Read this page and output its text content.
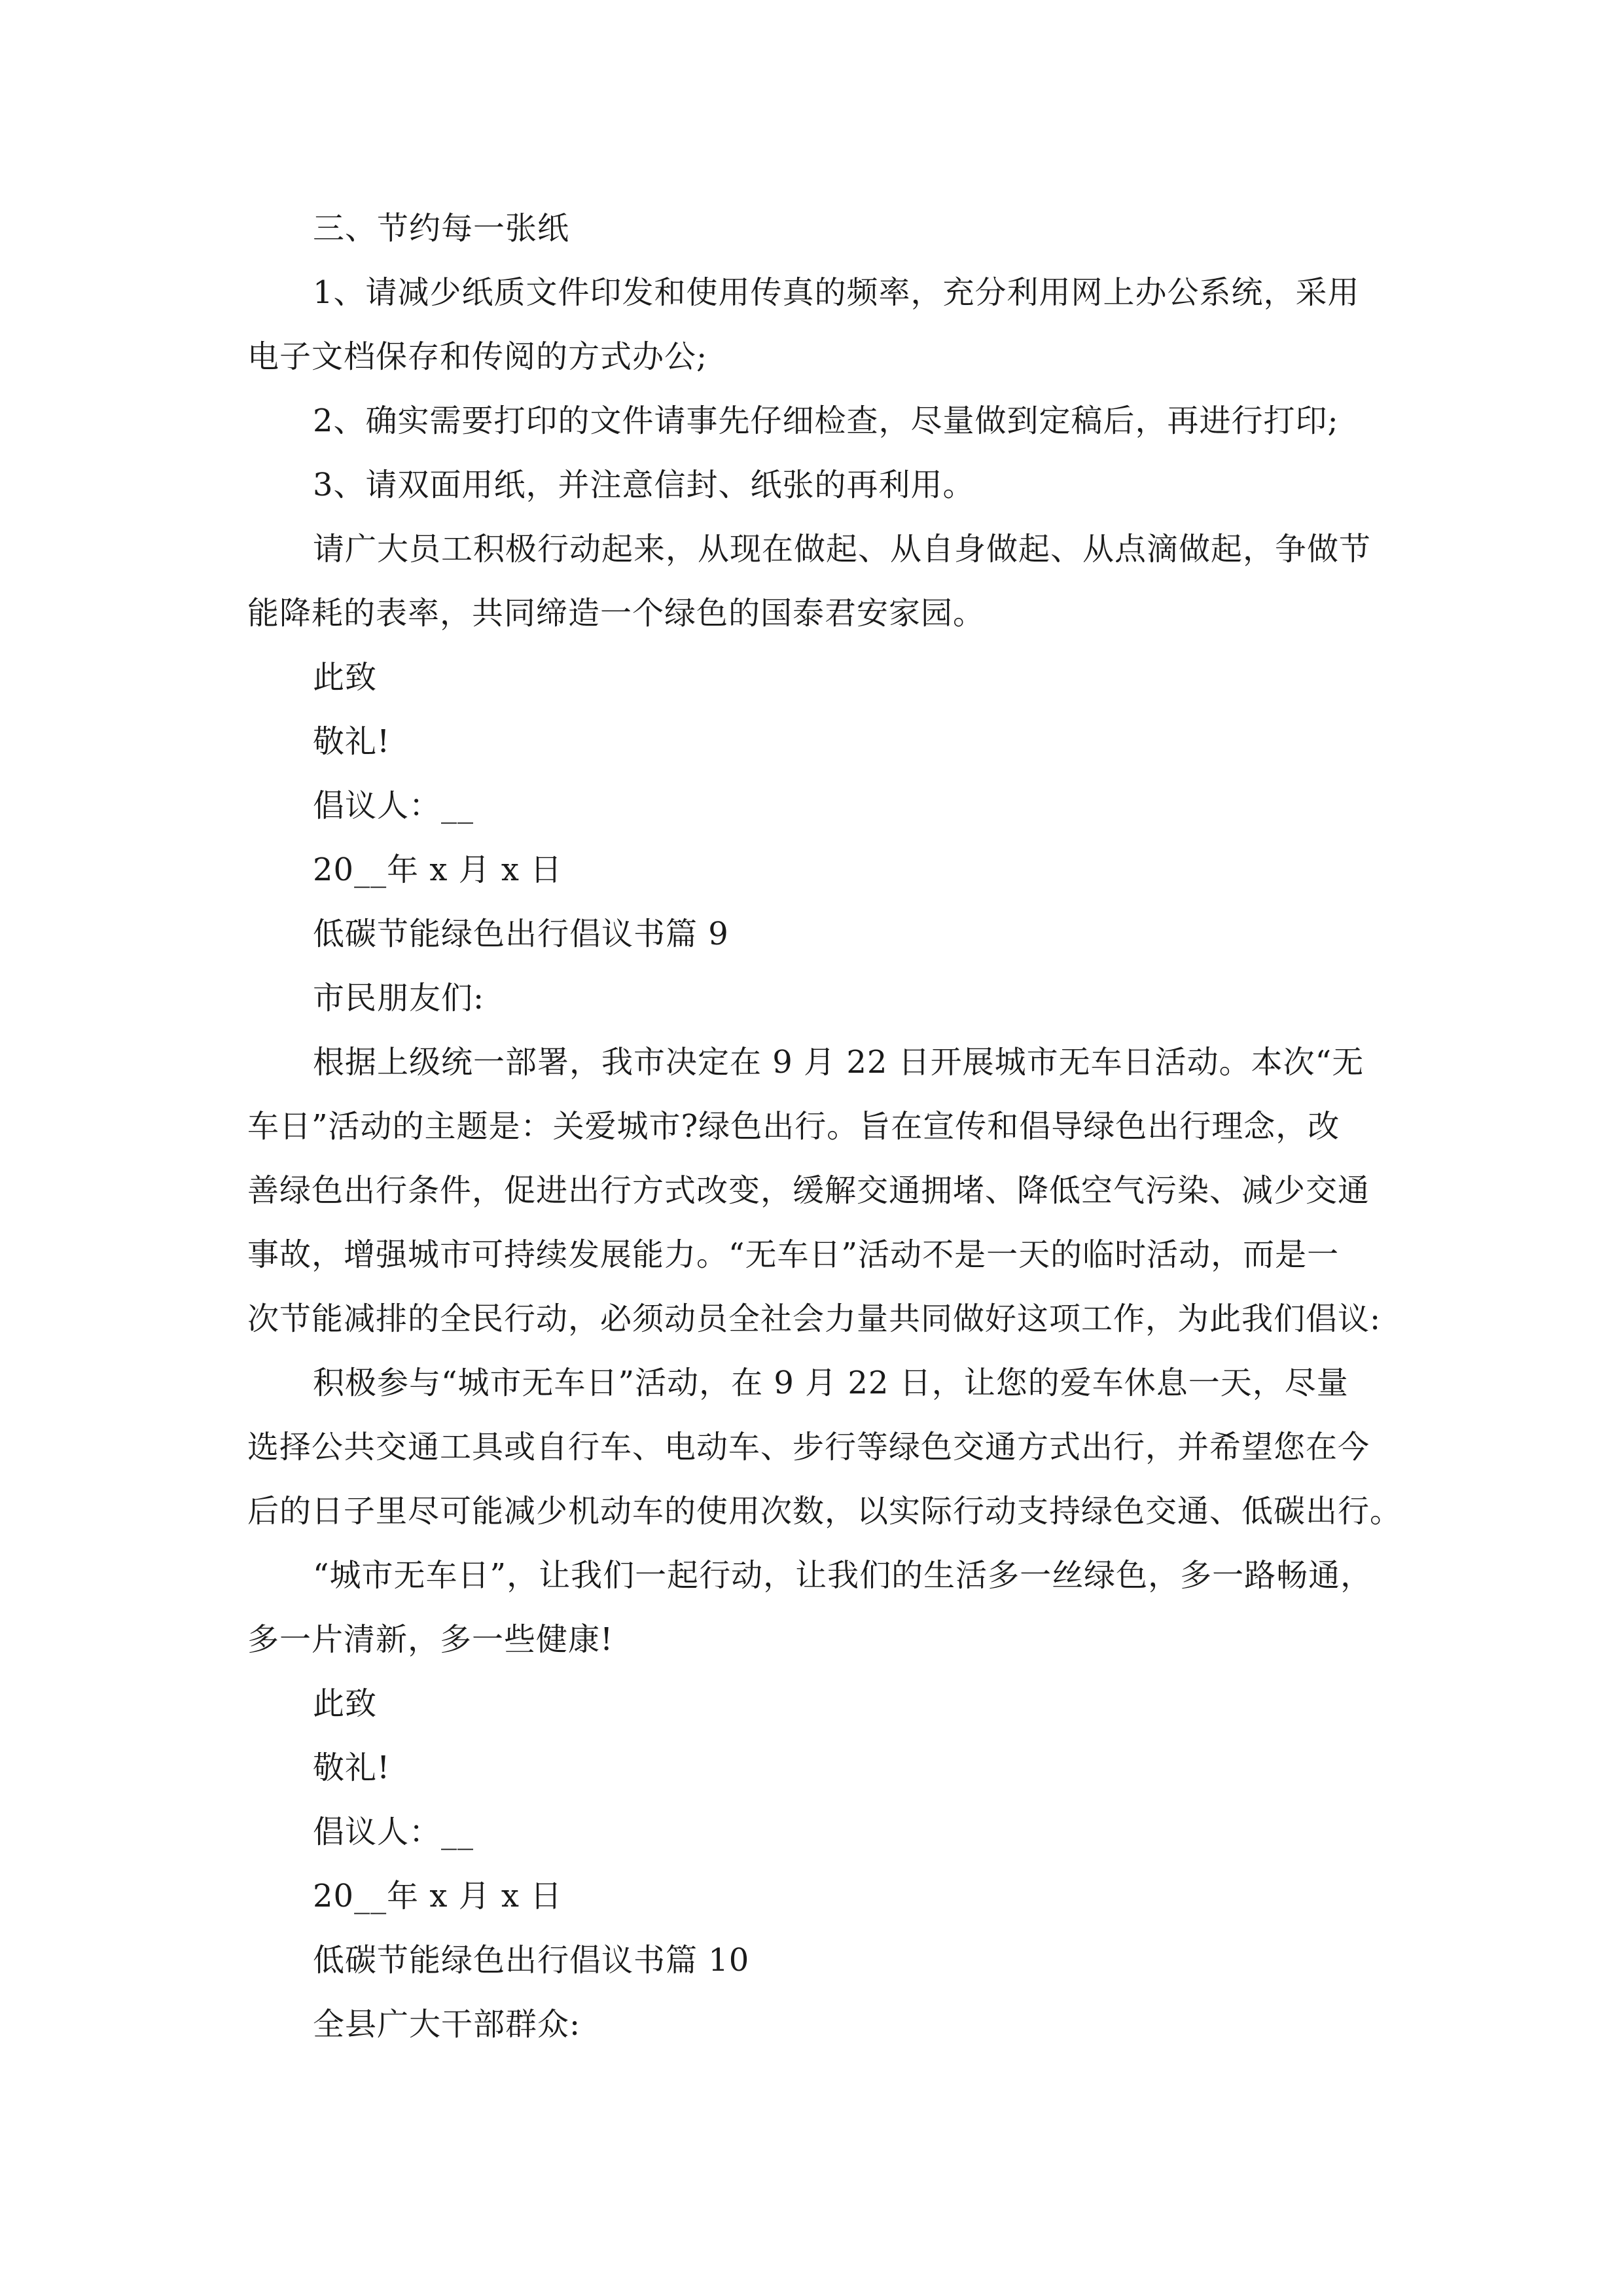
三、节约每一张纸
1、请减少纸质文件印发和使用传真的频率，充分利用网上办公系统，采用
电子文档保存和传阅的方式办公;
2、确实需要打印的文件请事先仔细检查，尽量做到定稿后，再进行打印;
3、请双面用纸，并注意信封、纸张的再利用。
请广大员工积极行动起来，从现在做起、从自身做起、从点滴做起，争做节
能降耗的表率，共同缔造一个绿色的国泰君安家园。
此致
敬礼!
倡议人：__
20__年 x 月 x 日
低碳节能绿色出行倡议书篇 9
市民朋友们:
根据上级统一部署，我市决定在 9 月 22 日开展城市无车日活动。本次“无
车日”活动的主题是：关爱城市?绿色出行。旨在宣传和倡导绿色出行理念，改
善绿色出行条件，促进出行方式改变，缓解交通拥堵、降低空气污染、减少交通
事故，增强城市可持续发展能力。“无车日”活动不是一天的临时活动，而是一
次节能减排的全民行动，必须动员全社会力量共同做好这项工作，为此我们倡议:
积极参与“城市无车日”活动，在 9 月 22 日，让您的爱车休息一天，尽量
选择公共交通工具或自行车、电动车、步行等绿色交通方式出行，并希望您在今
后的日子里尽可能减少机动车的使用次数，以实际行动支持绿色交通、低碳出行。
“城市无车日”，让我们一起行动，让我们的生活多一丝绿色，多一路畅通，
多一片清新，多一些健康!
此致
敬礼!
倡议人：__
20__年 x 月 x 日
低碳节能绿色出行倡议书篇 10
全县广大干部群众:
